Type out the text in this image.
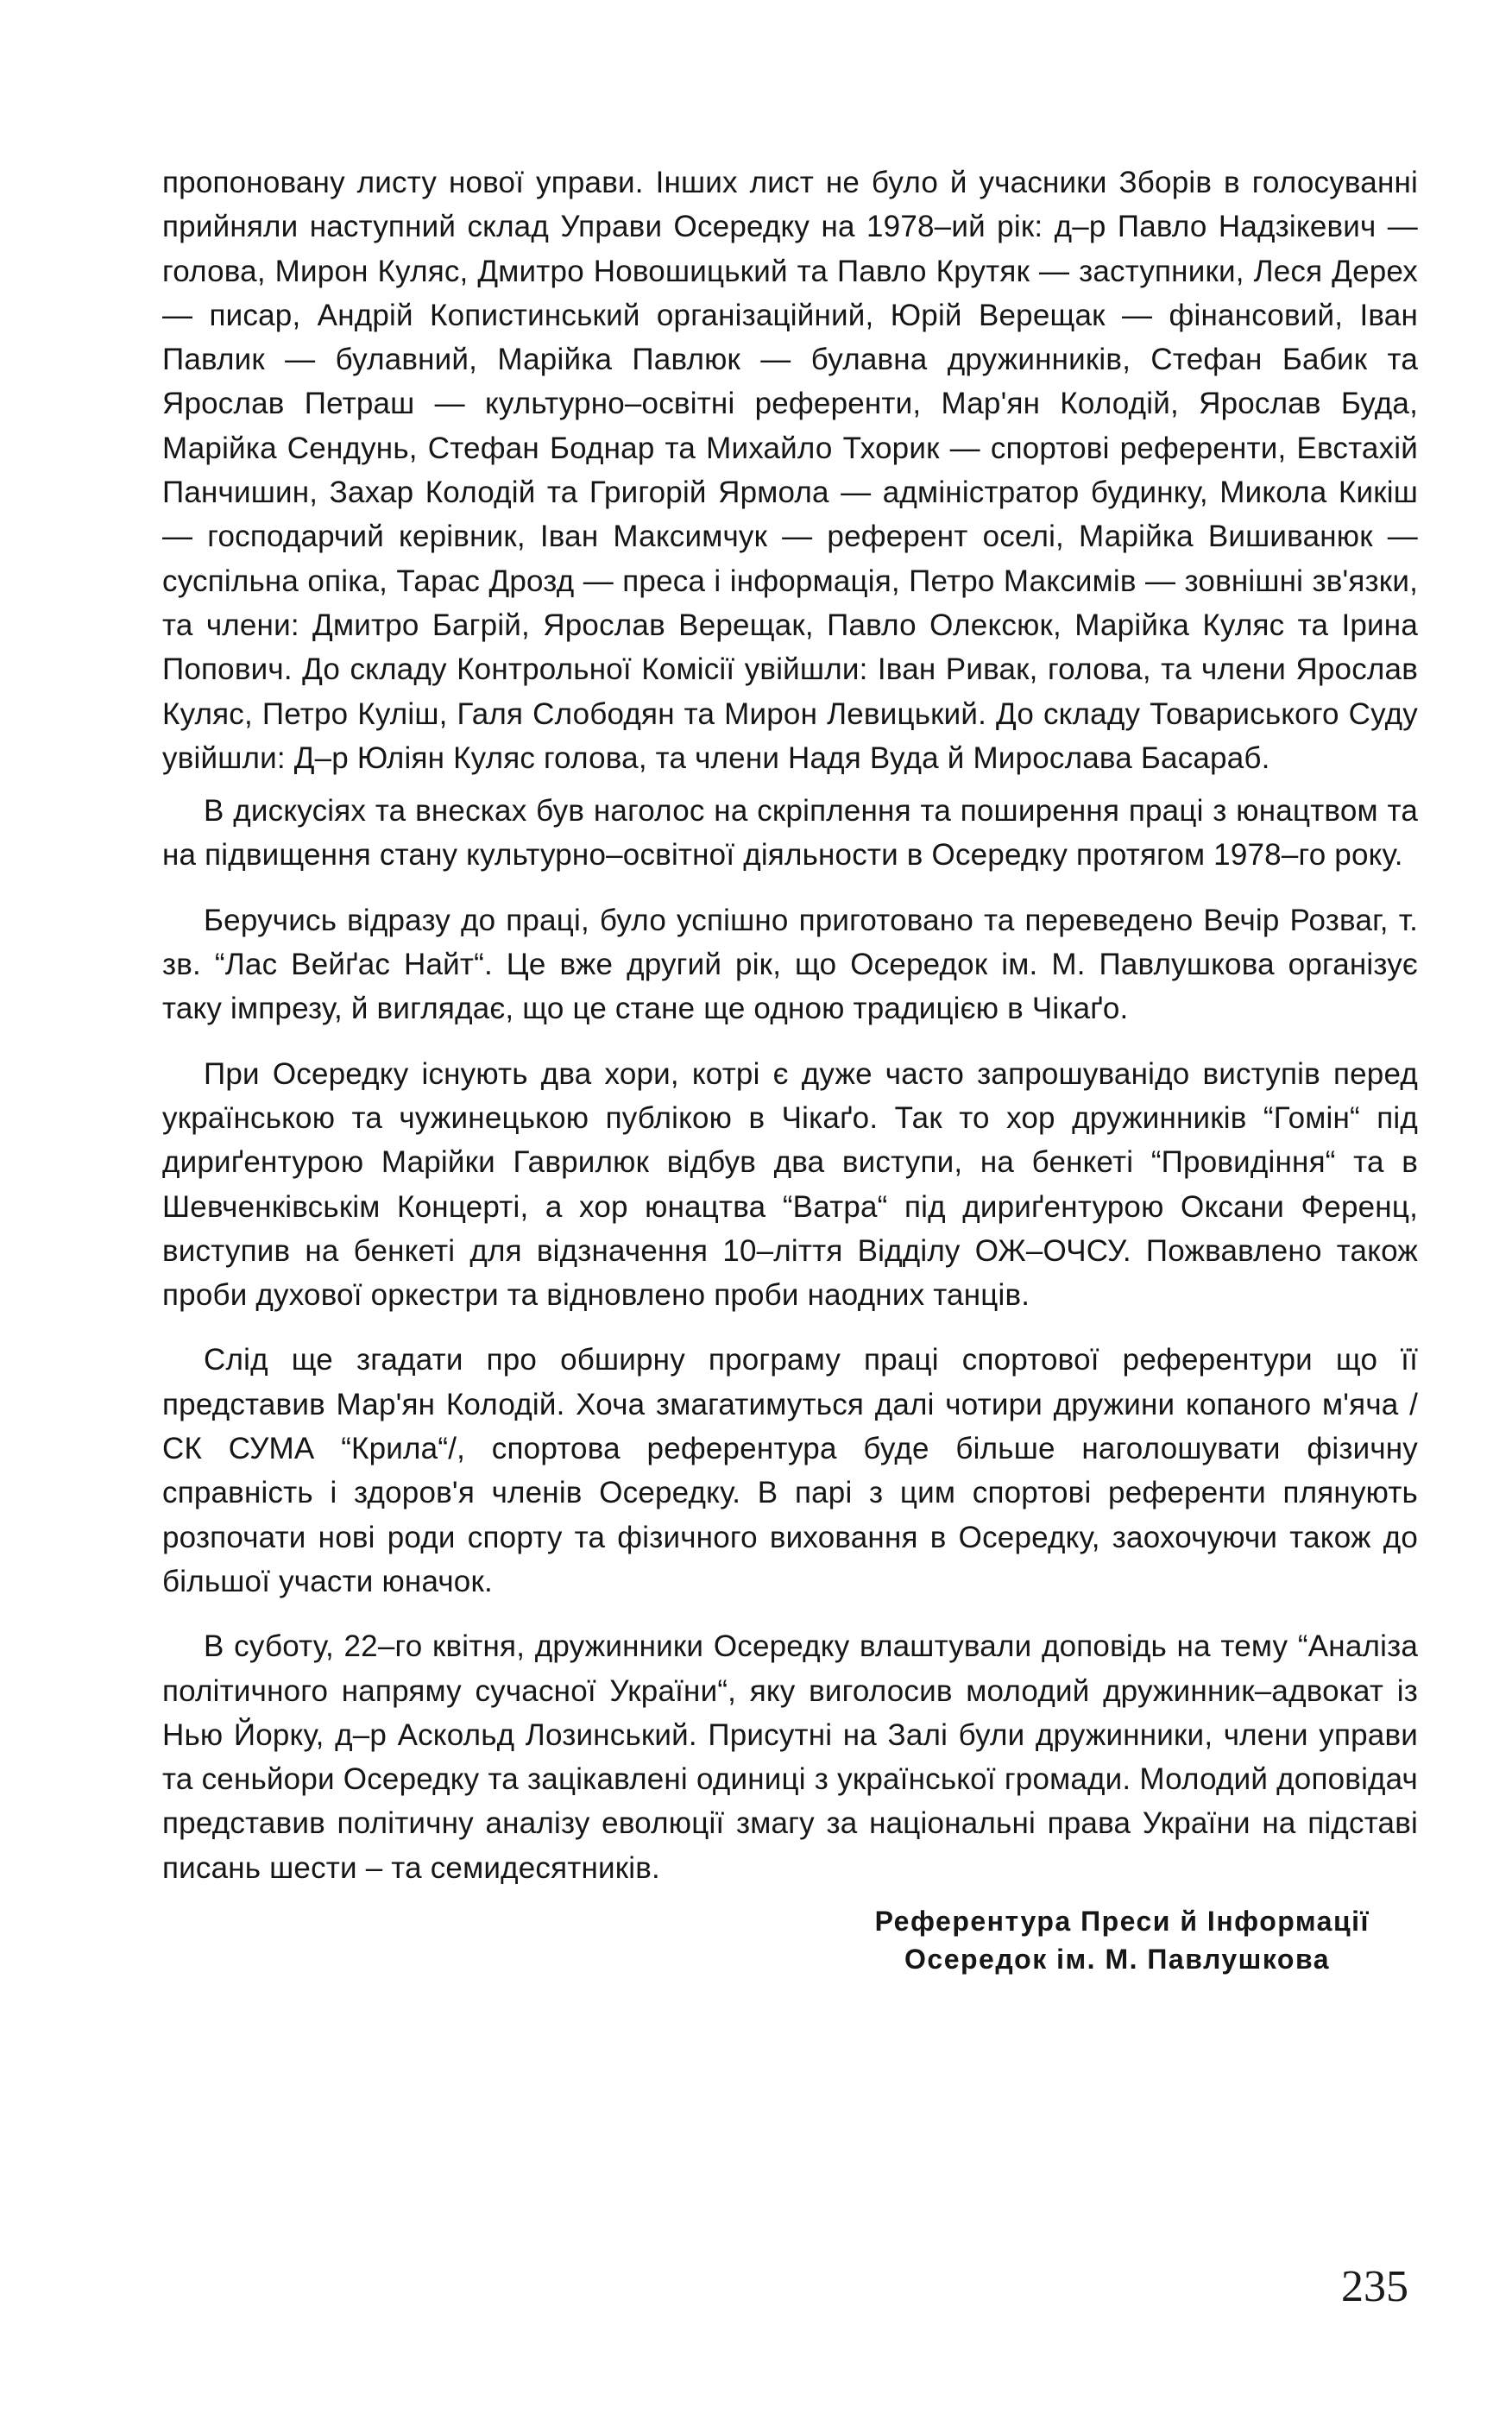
пропоновану листу нової управи. Інших лист не було й учасники Зборів в голосуванні прийняли наступний склад Управи Осередку на 1978–ий рік: д–р Павло Надзікевич — голова, Мирон Куляс, Дмитро Новошицький та Павло Крутяк — заступники, Леся Дерех — писар, Андрій Копистинський організаційний, Юрій Верещак — фінансовий, Іван Павлик — булавний, Марійка Павлюк — булавна дружинників, Стефан Бабик та Ярослав Петраш — культурно–освітні референти, Мар'ян Колодій, Ярослав Буда, Марійка Сендунь, Стефан Боднар та Михайло Тхорик — спортові референти, Евстахій Панчишин, Захар Колодій та Григорій Ярмола — адміністратор будинку, Микола Кикіш — господарчий керівник, Іван Максимчук — референт оселі, Марійка Вишиванюк — суспільна опіка, Тарас Дрозд — преса і інформація, Петро Максимів — зовнішні зв'язки, та члени: Дмитро Багрій, Ярослав Верещак, Павло Олексюк, Марійка Куляс та Ірина Попович. До складу Контрольної Комісії увійшли: Іван Ривак, голова, та члени Ярослав Куляс, Петро Куліш, Галя Слободян та Мирон Левицький. До складу Товариського Суду увійшли: Д–р Юліян Куляс голова, та члени Надя Вуда й Мирослава Басараб.

В дискусіях та внесках був наголос на скріплення та поширення праці з юнацтвом та на підвищення стану культурно–освітної діяльности в Осередку протягом 1978–го року.

Беручись відразу до праці, було успішно приготовано та переведено Вечір Розваг, т. зв. “Лас Вейґас Найт“. Це вже другий рік, що Осередок ім. М. Павлушкова організує таку імпрезу, й виглядає, що це стане ще одною традицією в Чікаґо.

При Осередку існують два хори, котрі є дуже часто запрошуванідо виступів перед українською та чужинецькою публікою в Чікаґо. Так то хор дружинників “Гомін“ під дириґентурою Марійки Гаврилюк відбув два виступи, на бенкеті “Провидіння“ та в Шевченківськім Концерті, а хор юнацтва “Ватра“ під дириґентурою Оксани Ференц, виступив на бенкеті для відзначення 10–ліття Відділу ОЖ–ОЧСУ. Пожвавлено також проби духової оркестри та відновлено проби наодних танців.

Слід ще згадати про обширну програму праці спортової референтури що її представив Мар'ян Колодій. Хоча змагатимуться далі чотири дружини копаного м'яча /СК СУМА “Крила“/, спортова референтура буде більше наголошувати фізичну справність і здоров'я членів Осередку. В парі з цим спортові референти плянують розпочати нові роди спорту та фізичного виховання в Осередку, заохочуючи також до більшої участи юначок.

В суботу, 22–го квітня, дружинники Осередку влаштували доповідь на тему “Аналіза політичного напряму сучасної України“, яку виголосив молодий дружинник–адвокат із Нью Йорку, д–р Аскольд Лозинський. Присутні на Залі були дружинники, члени управи та сеньйори Осередку та зацікавлені одиниці з української громади. Молодий доповідач представив політичну аналізу еволюції змагу за національні права України на підставі писань шести – та семидесятників.

Референтура Преси й Інформації
Осередок ім. М. Павлушкова
235
